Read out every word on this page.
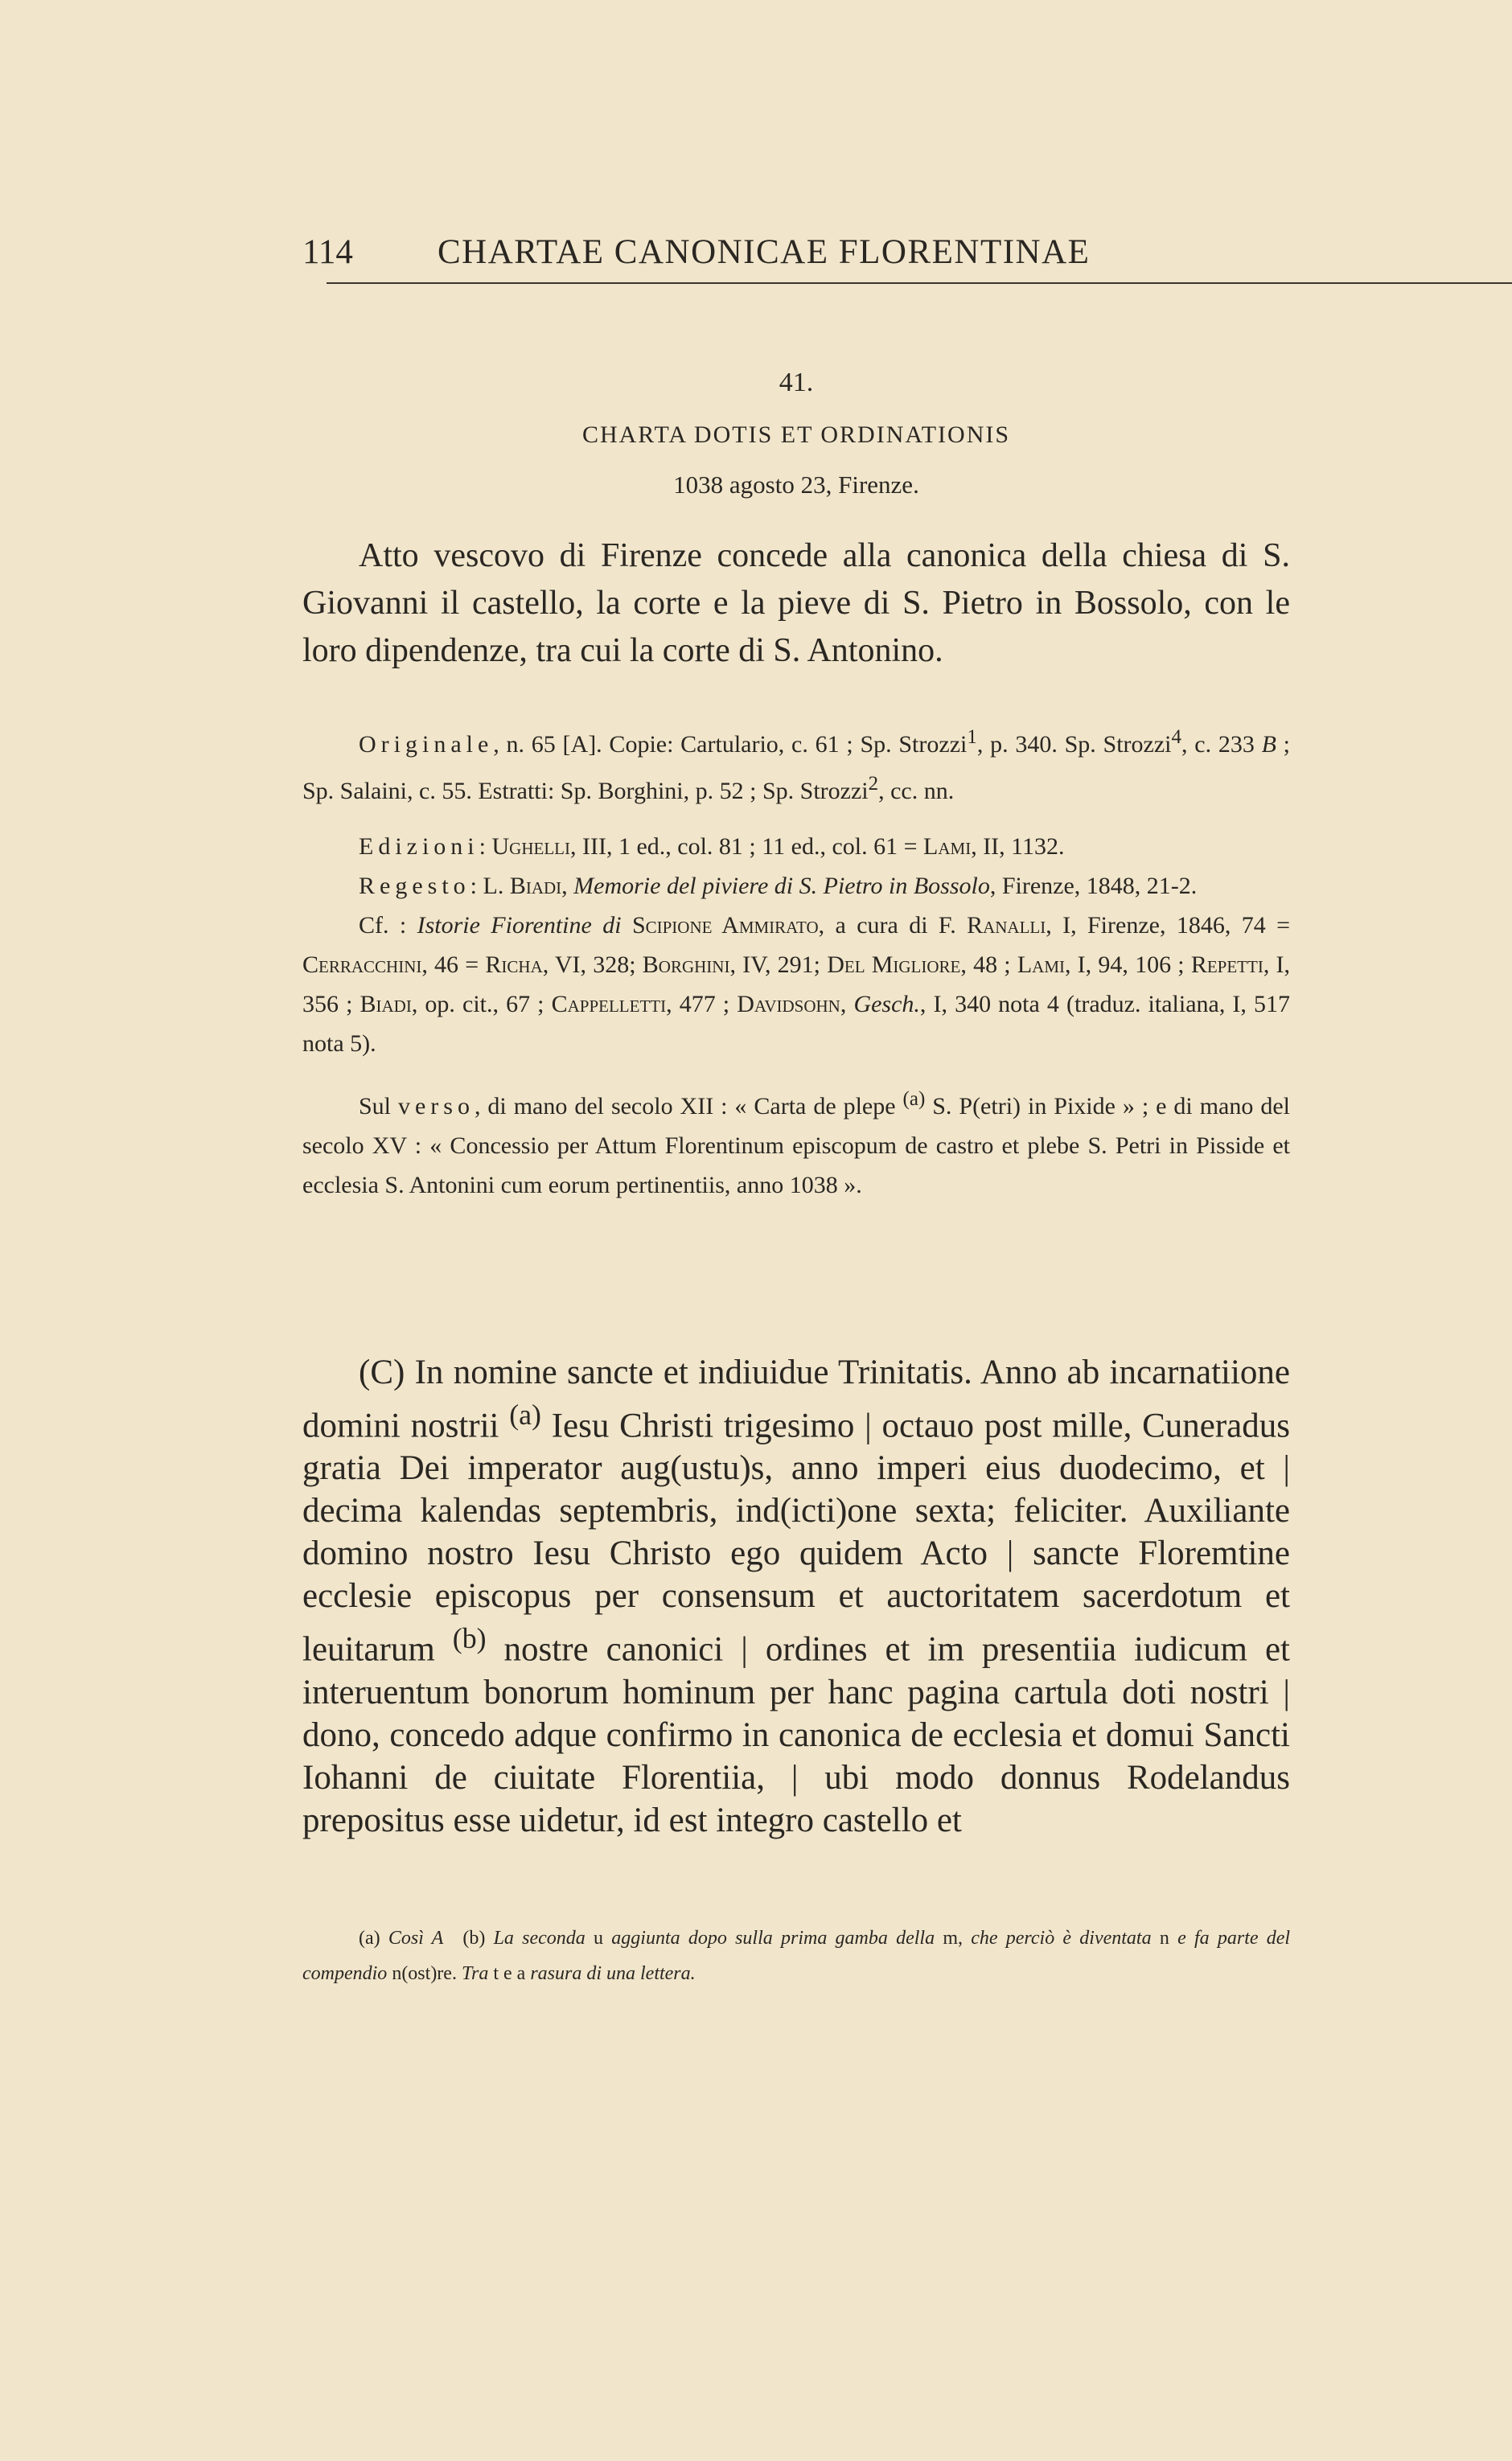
114 CHARTAE CANONICAE FLORENTINAE
41.
CHARTA DOTIS ET ORDINATIONIS
1038 agosto 23, Firenze.
Atto vescovo di Firenze concede alla canonica della chiesa di S. Giovanni il castello, la corte e la pieve di S. Pietro in Bossolo, con le loro dipendenze, tra cui la corte di S. Antonino.

Originale, n. 65 [A]. Copie: Cartulario, c. 61 ; Sp. Strozzi$^1$, p. 340. Sp. Strozzi$^4$, c. 233 B ; Sp. Salaini, c. 55. Estratti: Sp. Borghini, p. 52 ; Sp. Strozzi$^2$, cc. nn.

Edizioni: Ughelli, III, 1 ed., col. 81 ; 11 ed., col. 61 = Lami, II, 1132.

Regesto: L. Biadi, Memorie del piviere di S. Pietro in Bossolo, Firenze, 1848, 21-2.

Cf. : Istorie Fiorentine di Scipione Ammirato, a cura di F. Ranalli, I, Firenze, 1846, 74 = Cerracchini, 46 = Richa, VI, 328; Borghini, IV, 291; Del Migliore, 48 ; Lami, I, 94, 106 ; Repetti, I, 356 ; Biadi, op. cit., 67 ; Cappelletti, 477 ; Davidsohn, Gesch., I, 340 nota 4 (traduz. italiana, I, 517 nota 5).

Sul verso, di mano del secolo XII : « Carta de plepe $^{(a)}$ S. P(etri) in Pixide » ; e di mano del secolo XV : « Concessio per Attum Florentinum episcopum de castro et plebe S. Petri in Pisside et ecclesia S. Antonini cum eorum pertinentiis, anno 1038 ».

(C) In nomine sancte et indiuidue Trinitatis. Anno ab incarnatiione domini nostrii $^{(a)}$ Iesu Christi trigesimo | octauo post mille, Cuneradus gratia Dei imperator aug(ustu)s, anno imperi eius duodecimo, et | decima kalendas septembris, ind(icti)one sexta; feliciter. Auxiliante domino nostro Iesu Christo ego quidem Acto | sancte Floremtine ecclesie episcopus per consensum et auctoritatem sacerdotum et leuitarum $^{(b)}$ nostre canonici | ordines et im presentiia iudicum et interuentum bonorum hominum per hanc pagina cartula doti nostri | dono, concedo adque confirmo in canonica de ecclesia et domui Sancti Iohanni de ciuitate Florentiia, | ubi modo donnus Rodelandus prepositus esse uidetur, id est integro castello et
(a) Così A (b) La seconda u aggiunta dopo sulla prima gamba della m, che perciò è diventata n e fa parte del compendio n(ost)re. Tra t e a rasura di una lettera.
